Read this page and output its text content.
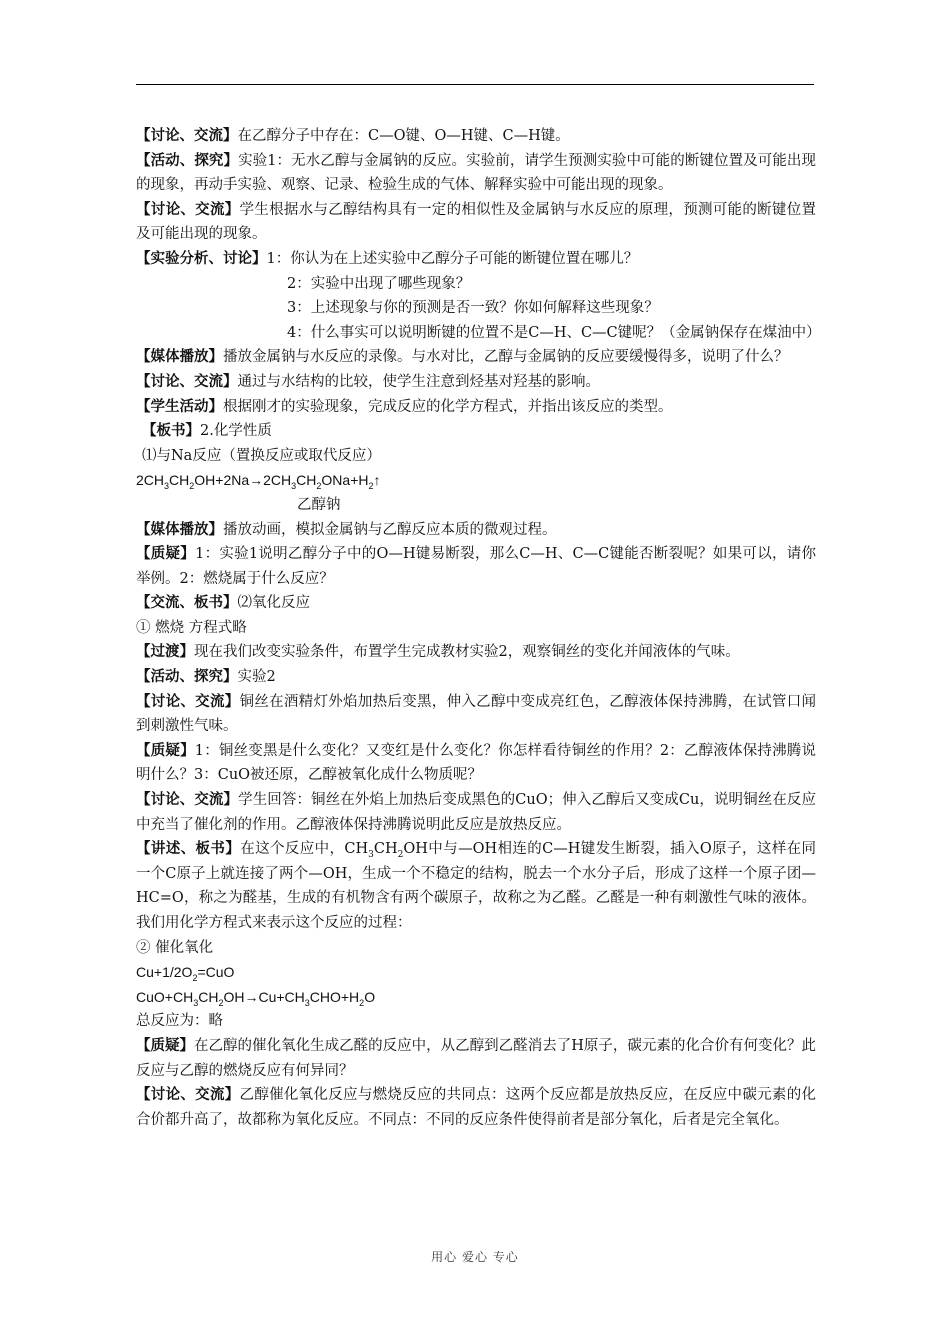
【讨论、交流】在乙醇分子中存在：C—O键、O—H键、C—H键。

【活动、探究】实验1：无水乙醇与金属钠的反应。实验前，请学生预测实验中可能的断键位置及可能出现的现象，再动手实验、观察、记录、检验生成的气体、解释实验中可能出现的现象。

【讨论、交流】学生根据水与乙醇结构具有一定的相似性及金属钠与水反应的原理，预测可能的断键位置及可能出现的现象。

【实验分析、讨论】1：你认为在上述实验中乙醇分子可能的断键位置在哪儿？

2：实验中出现了哪些现象？

3：上述现象与你的预测是否一致？你如何解释这些现象？

4：什么事实可以说明断键的位置不是C—H、C—C键呢？（金属钠保存在煤油中）

【媒体播放】播放金属钠与水反应的录像。与水对比，乙醇与金属钠的反应要缓慢得多，说明了什么？

【讨论、交流】通过与水结构的比较，使学生注意到烃基对羟基的影响。

【学生活动】根据刚才的实验现象，完成反应的化学方程式，并指出该反应的类型。

【板书】2.化学性质

⑴与Na反应（置换反应或取代反应）

$2CH_3CH_2OH+2Na\to 2CH_3CH_2ONa+H_2↑$

乙醇钠

【媒体播放】播放动画，模拟金属钠与乙醇反应本质的微观过程。

【质疑】1：实验1说明乙醇分子中的O—H键易断裂，那么C—H、C—C键能否断裂呢？如果可以，请你举例。2：燃烧属于什么反应？

【交流、板书】⑵氧化反应

① 燃烧 方程式略

【过渡】现在我们改变实验条件，布置学生完成教材实验2，观察铜丝的变化并闻液体的气味。

【活动、探究】实验2

【讨论、交流】铜丝在酒精灯外焰加热后变黑，伸入乙醇中变成亮红色，乙醇液体保持沸腾，在试管口闻到刺激性气味。

【质疑】1：铜丝变黑是什么变化？又变红是什么变化？你怎样看待铜丝的作用？2：乙醇液体保持沸腾说明什么？3：CuO被还原，乙醇被氧化成什么物质呢？

【讨论、交流】学生回答：铜丝在外焰上加热后变成黑色的CuO；伸入乙醇后又变成Cu，说明铜丝在反应中充当了催化剂的作用。乙醇液体保持沸腾说明此反应是放热反应。

【讲述、板书】在这个反应中，$CH_3CH_2OH$中与—OH相连的C—H键发生断裂，插入O原子，这样在同一个C原子上就连接了两个—OH，生成一个不稳定的结构，脱去一个水分子后，形成了这样一个原子团—HC=O，称之为醛基，生成的有机物含有两个碳原子，故称之为乙醛。乙醛是一种有刺激性气味的液体。我们用化学方程式来表示这个反应的过程：

② 催化氧化

$Cu+1/2O_2=CuO$

$CuO+CH_3CH_2OH\to Cu+CH_3CHO+H_2O$

总反应为：略

【质疑】在乙醇的催化氧化生成乙醛的反应中，从乙醇到乙醛消去了H原子，碳元素的化合价有何变化？此反应与乙醇的燃烧反应有何异同？

【讨论、交流】乙醇催化氧化反应与燃烧反应的共同点：这两个反应都是放热反应，在反应中碳元素的化合价都升高了，故都称为氧化反应。不同点：不同的反应条件使得前者是部分氧化，后者是完全氧化。

用心 爱心 专心
